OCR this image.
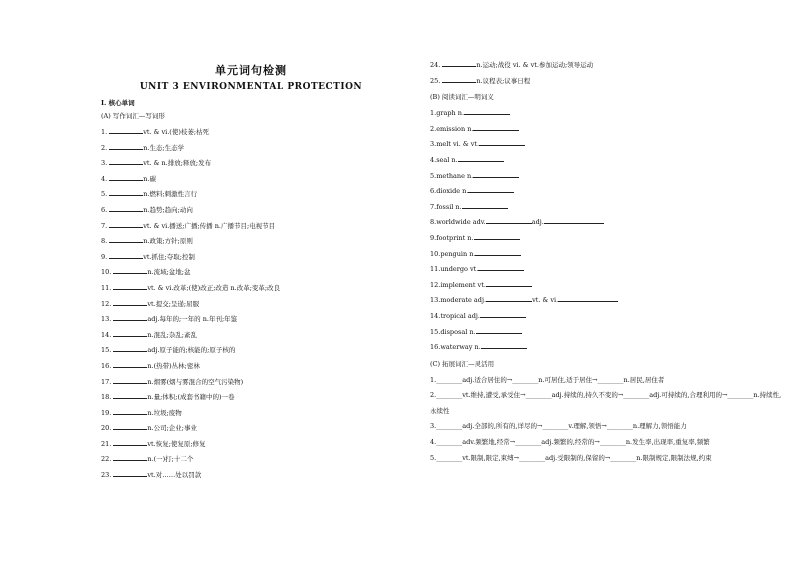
单元词句检测
UNIT 3 ENVIRONMENTAL PROTECTION
Ⅰ. 核心单词
(A) 写作词汇—写词形
1.	vt. & vi.(使)枝萎;枯死
2.	n.生态;生态学
3.	vt. & n.排放;释放;发布
4.	n.碳
5.	n.燃料;刺激性言行
6.	n.趋势;趋向;动向
7.	vt. & vi.播送;广播;传播 n.广播节目;电视节目
8.	n.政策;方针;原则
9.	vt.抓住;夺取;控制
10.	n.流域;盆地;盆
11.	vt. & vi.改革;(使)改正;改造 n.改革;变革;改良
12.	vt.提交;呈递;屈服
13.	adj.每年的;一年的 n.年刊;年鉴
14.	n.混乱;杂乱;紊乱
15.	adj.原子能的;核能的;原子核的
16.	n.(热带)丛林;密林
17.	n.烟雾(烟与雾混合的空气污染物)
18.	n.量;体积;(成套书籍中的)一卷
19.	n.垃圾;废物
20.	n.公司;企业;事业
21.	vt.恢复;使复原;修复
22.	n.(一)打;十二个
23.	vt.对……处以罚款
24.	n.运动;战役 vi. & vt.参加运动;领导运动
25.	n.议程表;议事日程
(B) 阅读词汇—明词义
1.graph n.
2.emission n.
3.melt vi. & vt.
4.seal n.
5.methane n.
6.dioxide n.
7.fossil n.
8.worldwide adv.	adj.
9.footprint n.
10.penguin n.
11.undergo vt.
12.implement vt.
13.moderate adj.	vt. & vi.
14.tropical adj.
15.disposal n.
16.waterway n.
(C) 拓展词汇—灵活用
1.________adj.适合居住的→________n.可居住,适于居住→________n.居民,居住者
2.________vt.维持,遭受,承受住→________adj.持续的,持久不变的→________adj.可持续的,合理利用的→________n.持续性,永续性
3.________adj.全部的,所有的,详尽的→________v.理解,领悟→________n.理解力,领悟能力
4.________adv.频繁地,经常→________adj.频繁的,经常的→________n.发生率,出现率,重复率,频繁
5.________vt.限制,限定,束缚→________adj.受限制的,保留的→________n.限制规定,限制法规,约束
